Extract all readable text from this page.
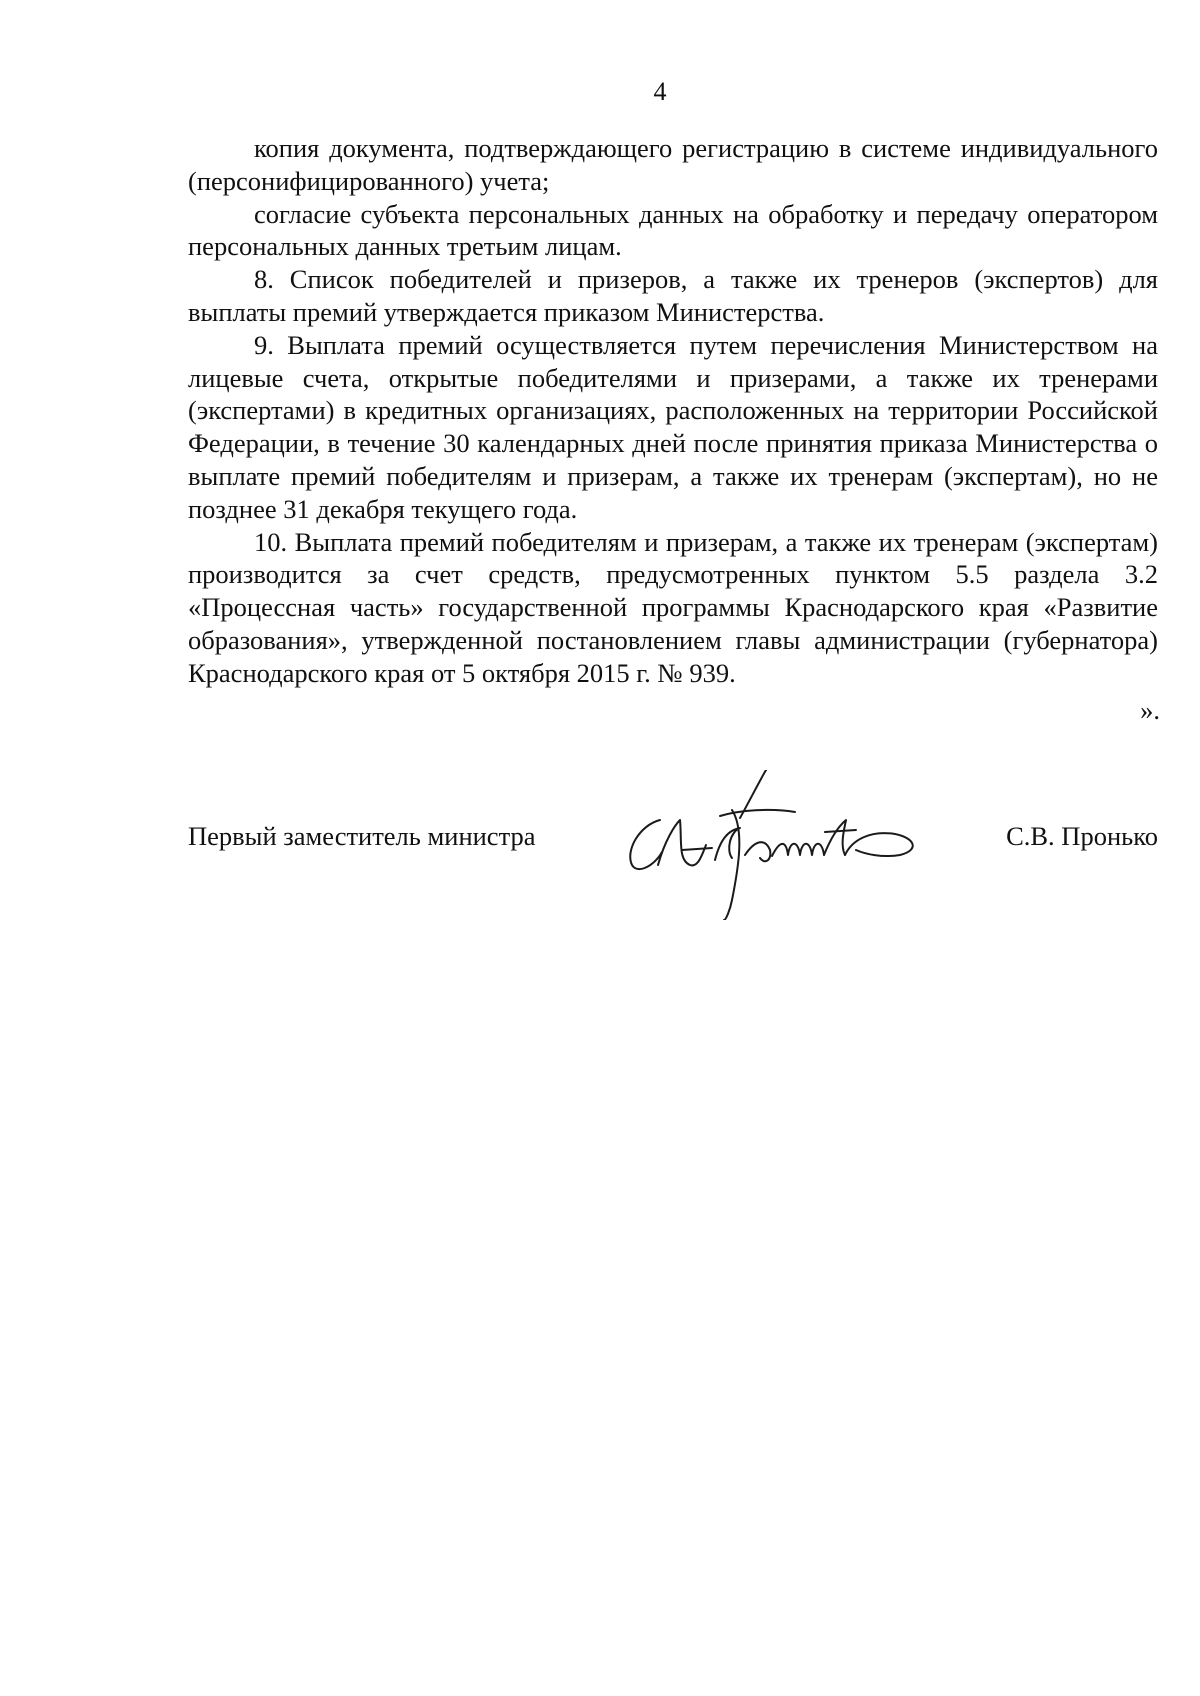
4

копия документа, подтверждающего регистрацию в системе индивидуального (персонифицированного) учета;

согласие субъекта персональных данных на обработку и передачу оператором персональных данных третьим лицам.

8. Список победителей и призеров, а также их тренеров (экспертов) для выплаты премий утверждается приказом Министерства.

9. Выплата премий осуществляется путем перечисления Министерством на лицевые счета, открытые победителями и призерами, а также их тренерами (экспертами) в кредитных организациях, расположенных на территории Российской Федерации, в течение 30 календарных дней после принятия приказа Министерства о выплате премий победителям и призерам, а также их тренерам (экспертам), но не позднее 31 декабря текущего года.

10. Выплата премий победителям и призерам, а также их тренерам (экспертам) производится за счет средств, предусмотренных пунктом 5.5 раздела 3.2 «Процессная часть» государственной программы Краснодарского края «Развитие образования», утвержденной постановлением главы администрации (губернатора) Краснодарского края от 5 октября 2015 г. № 939.

».
Первый заместитель министра	С.В. Пронько
